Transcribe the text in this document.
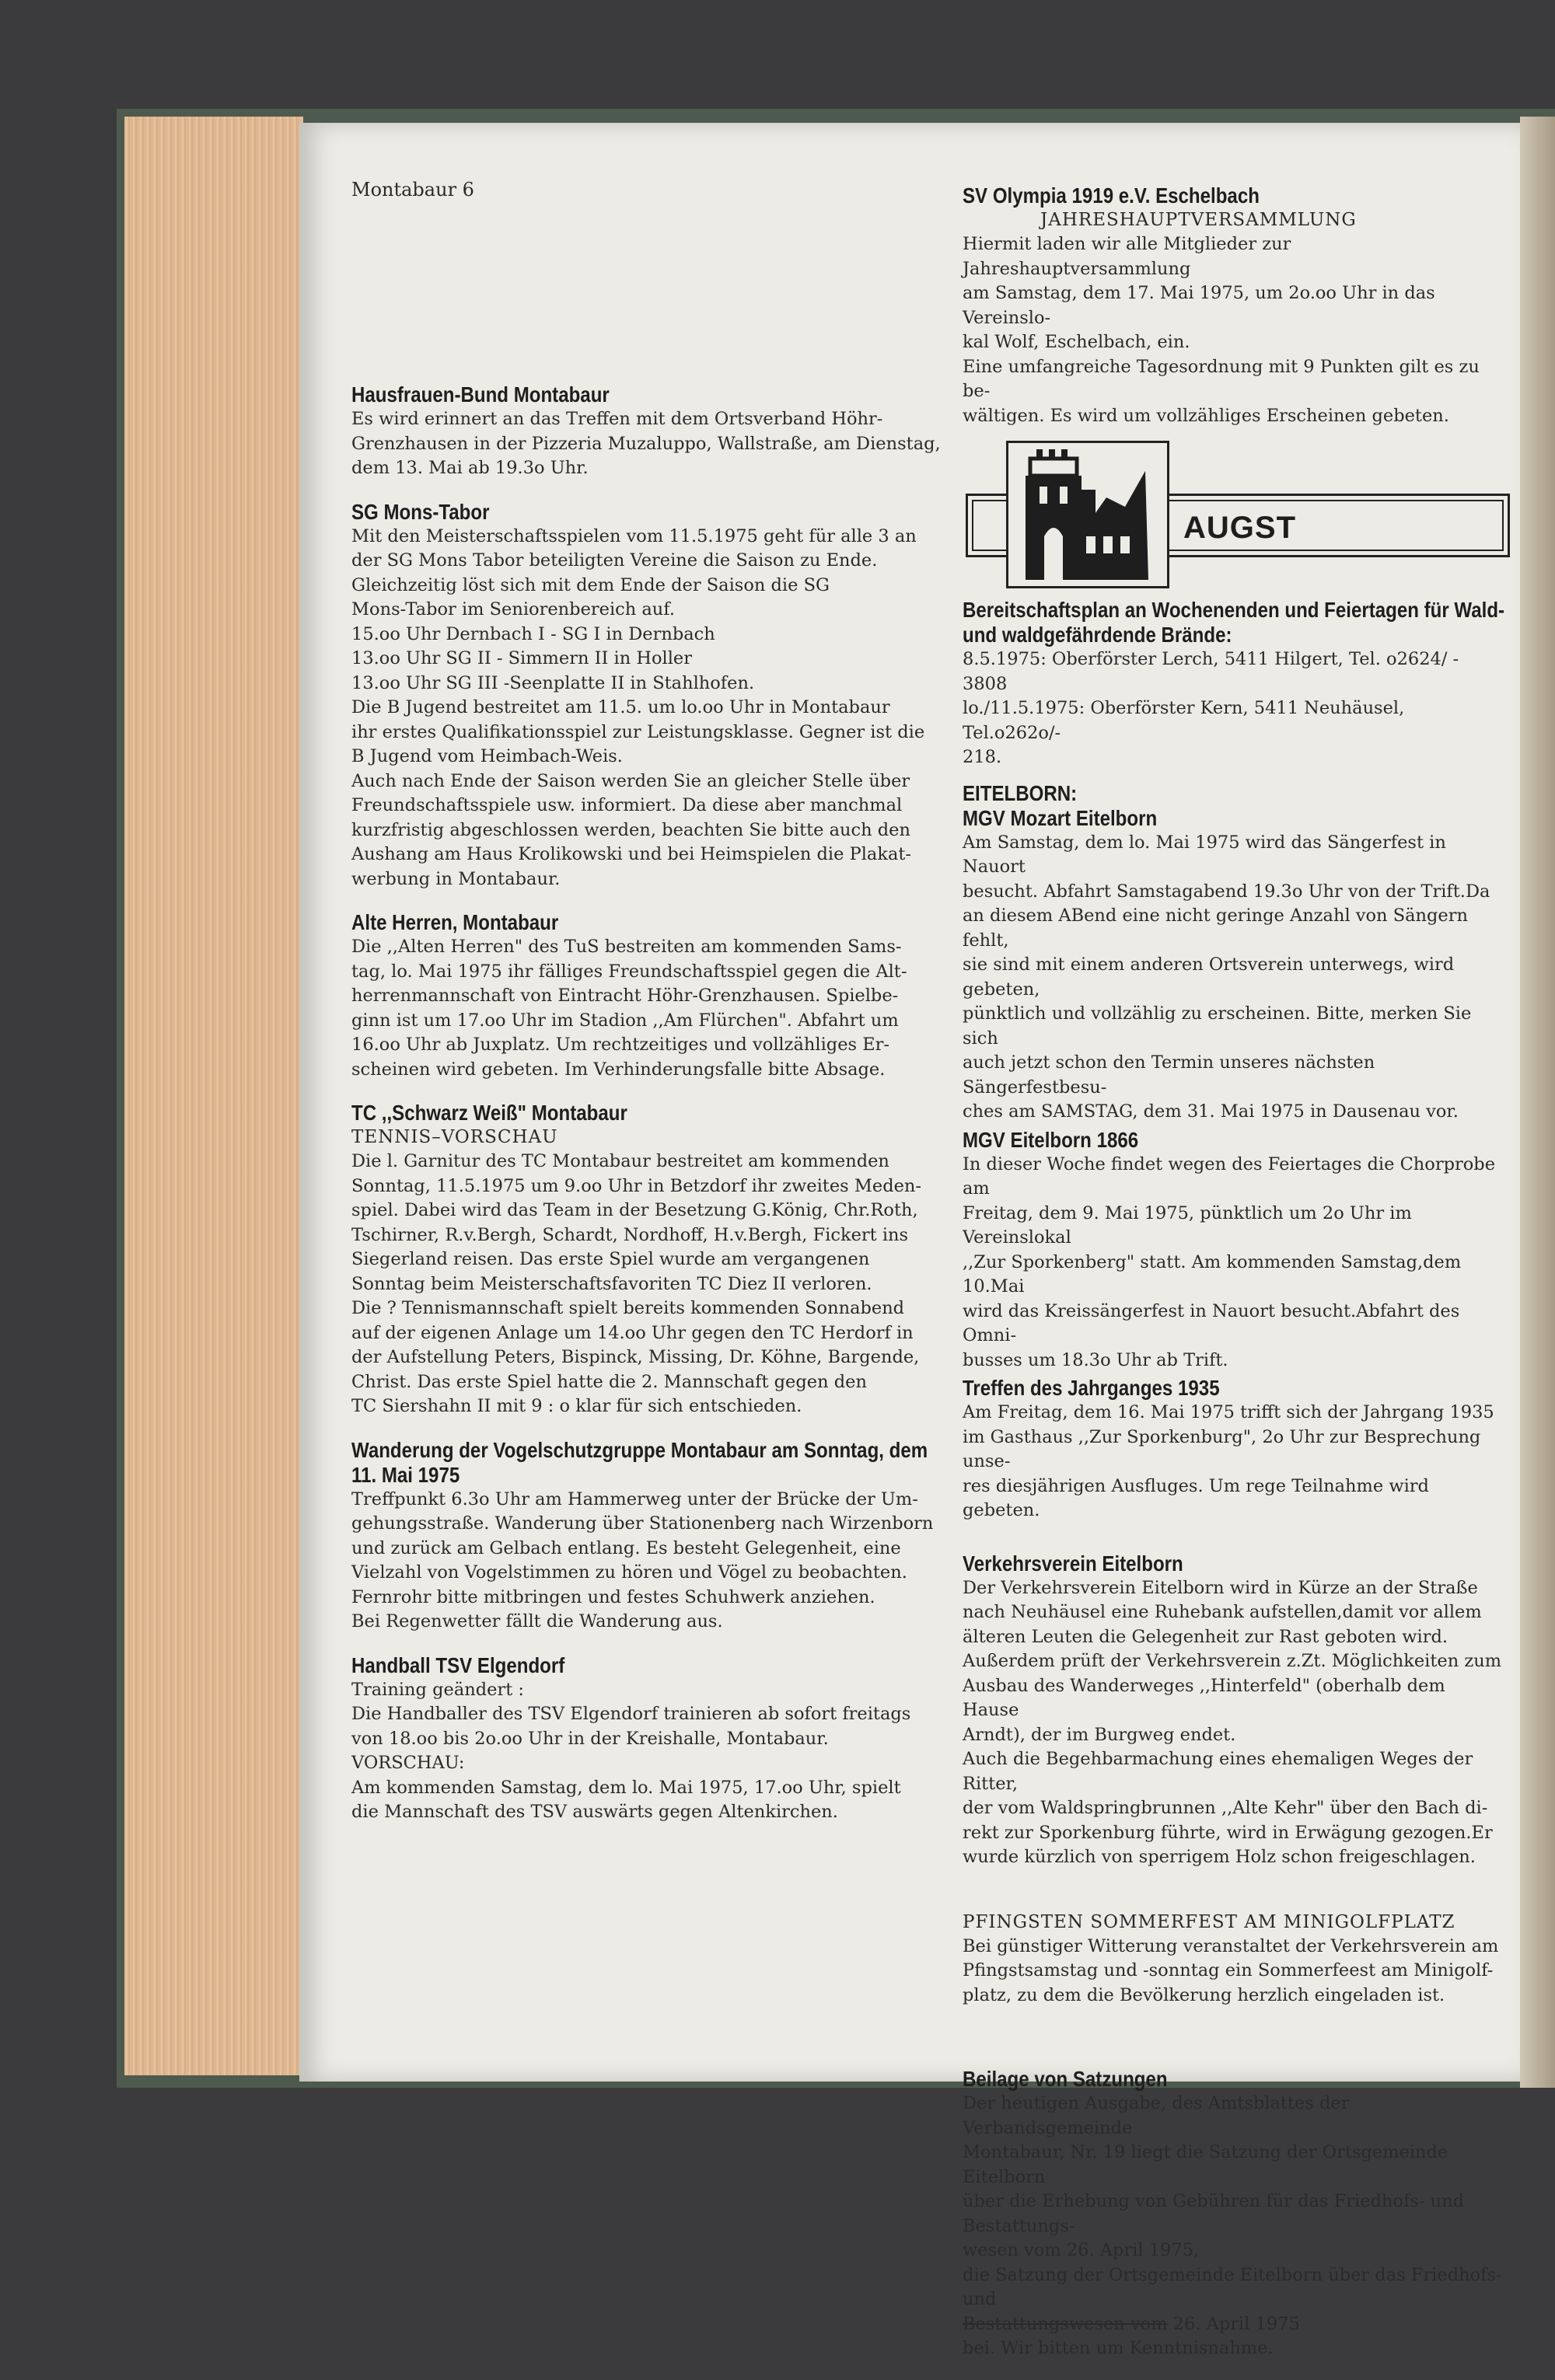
Montabaur 6
Hausfrauen-Bund Montabaur

Es wird erinnert an das Treffen mit dem Ortsverband Höhr-

Grenzhausen in der Pizzeria Muzaluppo, Wallstraße, am Dienstag,

dem 13. Mai ab 19.3o Uhr.

SG Mons-Tabor

Mit den Meisterschaftsspielen vom 11.5.1975 geht für alle 3 an

der SG Mons Tabor beteiligten Vereine die Saison zu Ende.

Gleichzeitig löst sich mit dem Ende der Saison die SG

Mons-Tabor im Seniorenbereich auf.

15.oo Uhr Dernbach I - SG I in Dernbach

13.oo Uhr SG II - Simmern II in Holler

13.oo Uhr SG III -Seenplatte II in Stahlhofen.

Die B Jugend bestreitet am 11.5. um lo.oo Uhr in Montabaur

ihr erstes Qualifikationsspiel zur Leistungsklasse. Gegner ist die

B Jugend vom Heimbach-Weis.

Auch nach Ende der Saison werden Sie an gleicher Stelle über

Freundschaftsspiele usw. informiert. Da diese aber manchmal

kurzfristig abgeschlossen werden, beachten Sie bitte auch den

Aushang am Haus Krolikowski und bei Heimspielen die Plakat-

werbung in Montabaur.

Alte Herren, Montabaur

Die ,,Alten Herren" des TuS bestreiten am kommenden Sams-

tag, lo. Mai 1975 ihr fälliges Freundschaftsspiel gegen die Alt-

herrenmannschaft von Eintracht Höhr-Grenzhausen. Spielbe-

ginn ist um 17.oo Uhr im Stadion ,,Am Flürchen". Abfahrt um

16.oo Uhr ab Juxplatz. Um rechtzeitiges und vollzähliges Er-

scheinen wird gebeten. Im Verhinderungsfalle bitte Absage.

TC ,,Schwarz Weiß" Montabaur

TENNIS–VORSCHAU

Die l. Garnitur des TC Montabaur bestreitet am kommenden

Sonntag, 11.5.1975 um 9.oo Uhr in Betzdorf ihr zweites Meden-

spiel. Dabei wird das Team in der Besetzung G.König, Chr.Roth,

Tschirner, R.v.Bergh, Schardt, Nordhoff, H.v.Bergh, Fickert ins

Siegerland reisen. Das erste Spiel wurde am vergangenen

Sonntag beim Meisterschaftsfavoriten TC Diez II verloren.

Die ? Tennismannschaft spielt bereits kommenden Sonnabend

auf der eigenen Anlage um 14.oo Uhr gegen den TC Herdorf in

der Aufstellung Peters, Bispinck, Missing, Dr. Köhne, Bargende,

Christ. Das erste Spiel hatte die 2. Mannschaft gegen den

TC Siershahn II mit 9 : o klar für sich entschieden.

Wanderung der Vogelschutzgruppe Montabaur am Sonntag, dem 11. Mai 1975

Treffpunkt 6.3o Uhr am Hammerweg unter der Brücke der Um-

gehungsstraße. Wanderung über Stationenberg nach Wirzenborn

und zurück am Gelbach entlang. Es besteht Gelegenheit, eine

Vielzahl von Vogelstimmen zu hören und Vögel zu beobachten.

Fernrohr bitte mitbringen und festes Schuhwerk anziehen.

Bei Regenwetter fällt die Wanderung aus.

Handball TSV Elgendorf

Training geändert :

Die Handballer des TSV Elgendorf trainieren ab sofort freitags

von 18.oo bis 2o.oo Uhr in der Kreishalle, Montabaur.

VORSCHAU:

Am kommenden Samstag, dem lo. Mai 1975, 17.oo Uhr, spielt

die Mannschaft des TSV auswärts gegen Altenkirchen.

SV Olympia 1919 e.V. Eschelbach

JAHRESHAUPTVERSAMMLUNG

Hiermit laden wir alle Mitglieder zur Jahreshauptversammlung

am Samstag, dem 17. Mai 1975, um 2o.oo Uhr in das Vereinslo-

kal Wolf, Eschelbach, ein.

Eine umfangreiche Tagesordnung mit 9 Punkten gilt es zu be-

wältigen. Es wird um vollzähliges Erscheinen gebeten.

AUGST
Bereitschaftsplan an Wochenenden und Feiertagen für Wald- und waldgefährdende Brände:

8.5.1975: Oberförster Lerch, 5411 Hilgert, Tel. o2624/ - 3808

lo./11.5.1975: Oberförster Kern, 5411 Neuhäusel, Tel.o262o/-

218.

EITELBORN:
MGV Mozart Eitelborn

Am Samstag, dem lo. Mai 1975 wird das Sängerfest in Nauort

besucht. Abfahrt Samstagabend 19.3o Uhr von der Trift.Da

an diesem ABend eine nicht geringe Anzahl von Sängern fehlt,

sie sind mit einem anderen Ortsverein unterwegs, wird gebeten,

pünktlich und vollzählig zu erscheinen. Bitte, merken Sie sich

auch jetzt schon den Termin unseres nächsten Sängerfestbesu-

ches am SAMSTAG, dem 31. Mai 1975 in Dausenau vor.

MGV Eitelborn 1866

In dieser Woche findet wegen des Feiertages die Chorprobe am

Freitag, dem 9. Mai 1975, pünktlich um 2o Uhr im Vereinslokal

,,Zur Sporkenberg" statt. Am kommenden Samstag,dem 10.Mai

wird das Kreissängerfest in Nauort besucht.Abfahrt des Omni-

busses um 18.3o Uhr ab Trift.

Treffen des Jahrganges 1935

Am Freitag, dem 16. Mai 1975 trifft sich der Jahrgang 1935

im Gasthaus ,,Zur Sporkenburg", 2o Uhr zur Besprechung unse-

res diesjährigen Ausfluges. Um rege Teilnahme wird gebeten.

Verkehrsverein Eitelborn

Der Verkehrsverein Eitelborn wird in Kürze an der Straße

nach Neuhäusel eine Ruhebank aufstellen,damit vor allem

älteren Leuten die Gelegenheit zur Rast geboten wird.

Außerdem prüft der Verkehrsverein z.Zt. Möglichkeiten zum

Ausbau des Wanderweges ,,Hinterfeld" (oberhalb dem Hause

Arndt), der im Burgweg endet.

Auch die Begehbarmachung eines ehemaligen Weges der Ritter,

der vom Waldspringbrunnen ,,Alte Kehr" über den Bach di-

rekt zur Sporkenburg führte, wird in Erwägung gezogen.Er

wurde kürzlich von sperrigem Holz schon freigeschlagen.

PFINGSTEN SOMMERFEST AM MINIGOLFPLATZ

Bei günstiger Witterung veranstaltet der Verkehrsverein am

Pfingstsamstag und -sonntag ein Sommerfeest am Minigolf-

platz, zu dem die Bevölkerung herzlich eingeladen ist.

Beilage von Satzungen

Der heutigen Ausgabe, des Amtsblattes der Verbandsgemeinde

Montabaur, Nr. 19 liegt die Satzung der Ortsgemeinde Eitelborn

über die Erhebung von Gebühren für das Friedhofs- und Bestattungs-

wesen vom 26. April 1975,

die Satzung der Ortsgemeinde Eitelborn über das Friedhofs- und

Bestattungswesen vom 26. April 1975

bei. Wir bitten um Kenntnisnahme.
